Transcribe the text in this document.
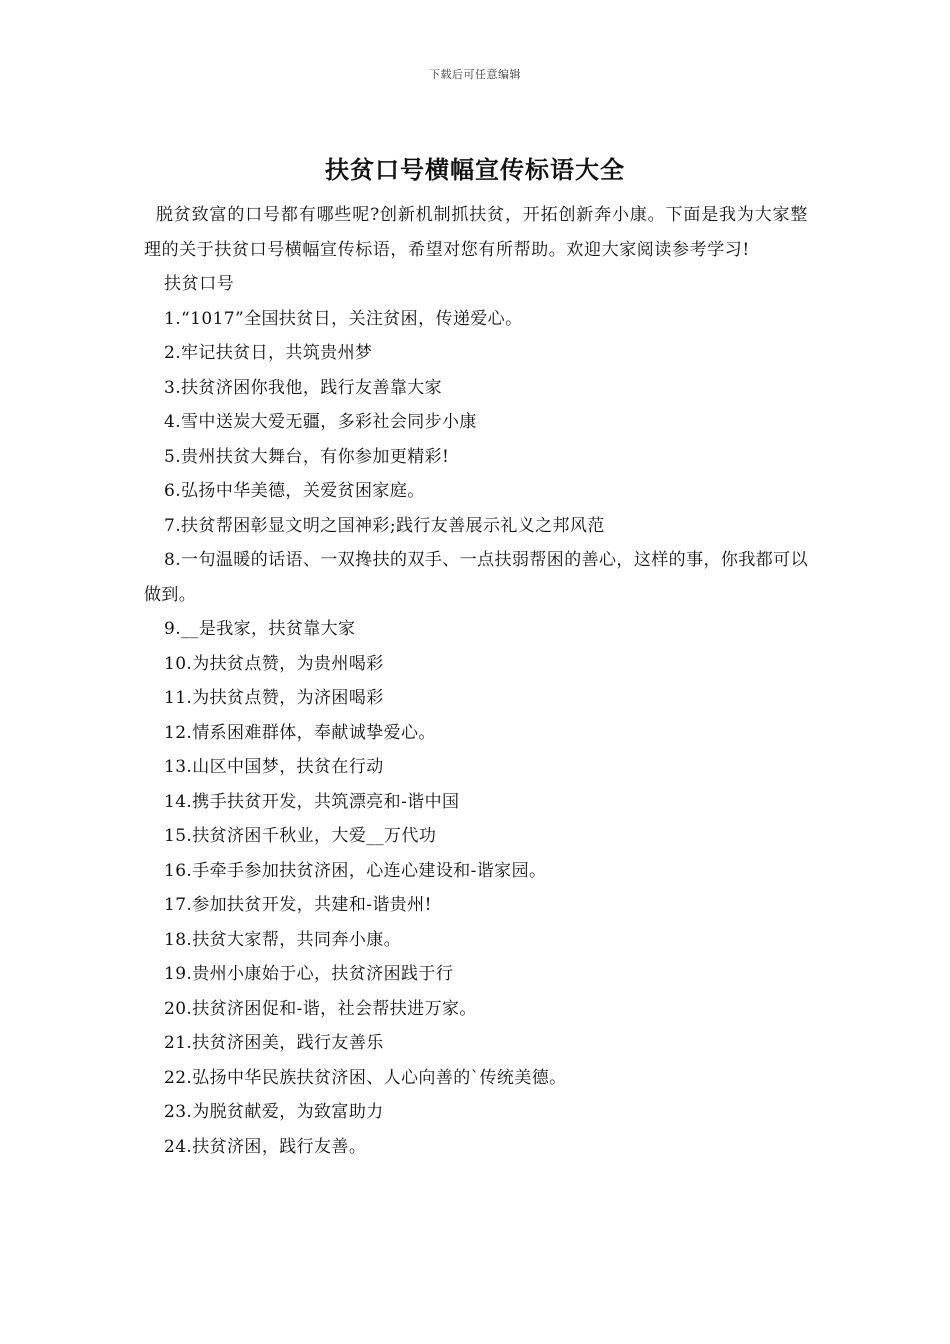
下载后可任意编辑
扶贫口号横幅宣传标语大全

脱贫致富的口号都有哪些呢?创新机制抓扶贫，开拓创新奔小康。下面是我为大家整理的关于扶贫口号横幅宣传标语，希望对您有所帮助。欢迎大家阅读参考学习!

扶贫口号

1.“1017”全国扶贫日，关注贫困，传递爱心。
2.牢记扶贫日，共筑贵州梦
3.扶贫济困你我他，践行友善靠大家
4.雪中送炭大爱无疆，多彩社会同步小康
5.贵州扶贫大舞台，有你参加更精彩!
6.弘扬中华美德，关爱贫困家庭。
7.扶贫帮困彰显文明之国神彩;践行友善展示礼义之邦风范
8.一句温暖的话语、一双搀扶的双手、一点扶弱帮困的善心，这样的事，你我都可以做到。
9.__是我家，扶贫靠大家
10.为扶贫点赞，为贵州喝彩
11.为扶贫点赞，为济困喝彩
12.情系困难群体，奉献诚挚爱心。
13.山区中国梦，扶贫在行动
14.携手扶贫开发，共筑漂亮和-谐中国
15.扶贫济困千秋业，大爱__万代功
16.手牵手参加扶贫济困，心连心建设和-谐家园。
17.参加扶贫开发，共建和-谐贵州!
18.扶贫大家帮，共同奔小康。
19.贵州小康始于心，扶贫济困践于行
20.扶贫济困促和-谐，社会帮扶进万家。
21.扶贫济困美，践行友善乐
22.弘扬中华民族扶贫济困、人心向善的`传统美德。
23.为脱贫献爱，为致富助力
24.扶贫济困，践行友善。
